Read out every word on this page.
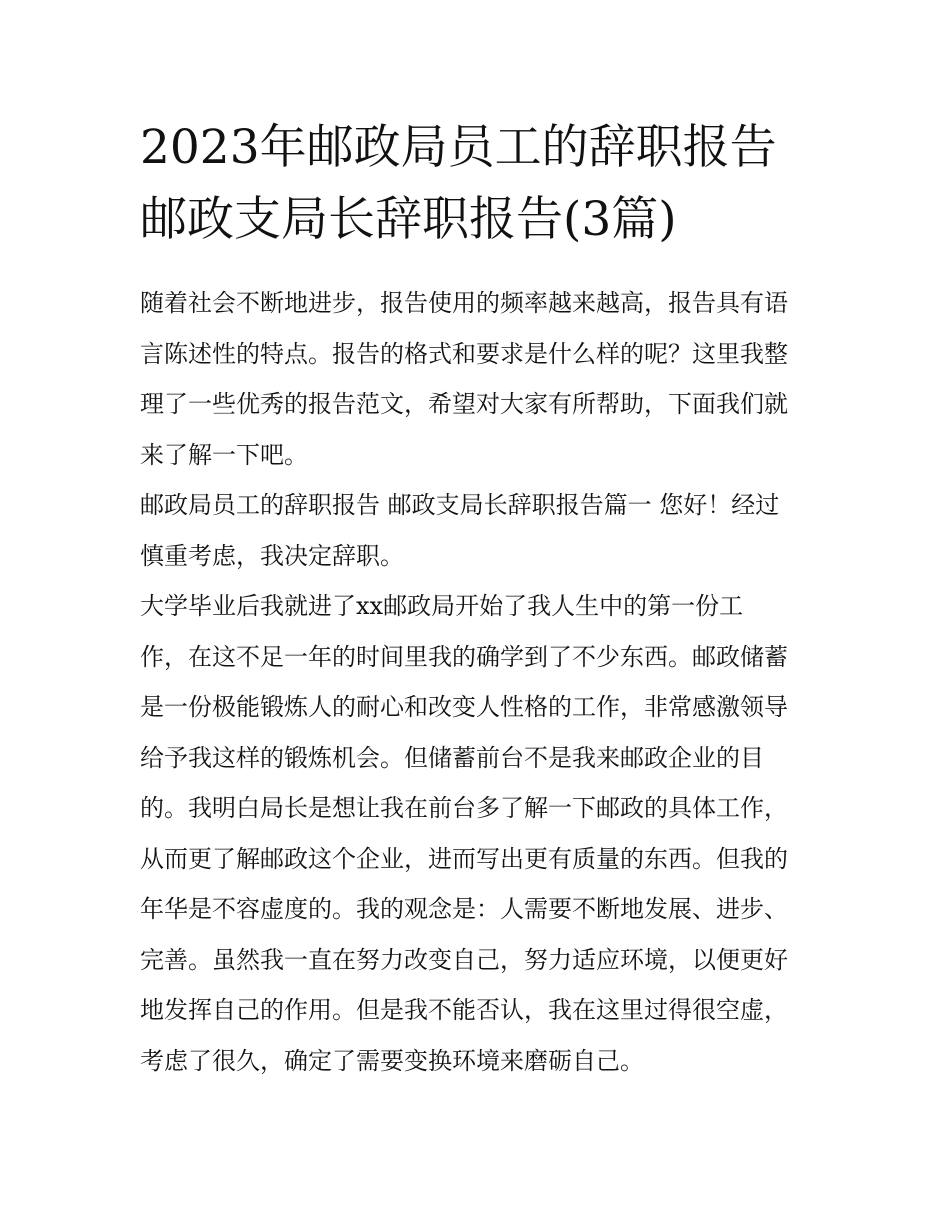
2023年邮政局员工的辞职报告
邮政支局长辞职报告(3篇)
随着社会不断地进步，报告使用的频率越来越高，报告具有语
言陈述性的特点。报告的格式和要求是什么样的呢？这里我整
理了一些优秀的报告范文，希望对大家有所帮助，下面我们就
来了解一下吧。
邮政局员工的辞职报告 邮政支局长辞职报告篇一 您好！经过
慎重考虑，我决定辞职。
大学毕业后我就进了xx邮政局开始了我人生中的第一份工
作，在这不足一年的时间里我的确学到了不少东西。邮政储蓄
是一份极能锻炼人的耐心和改变人性格的工作，非常感激领导
给予我这样的锻炼机会。但储蓄前台不是我来邮政企业的目
的。我明白局长是想让我在前台多了解一下邮政的具体工作，
从而更了解邮政这个企业，进而写出更有质量的东西。但我的
年华是不容虚度的。我的观念是：人需要不断地发展、进步、
完善。虽然我一直在努力改变自己，努力适应环境，以便更好
地发挥自己的作用。但是我不能否认，我在这里过得很空虚，
考虑了很久，确定了需要变换环境来磨砺自己。
